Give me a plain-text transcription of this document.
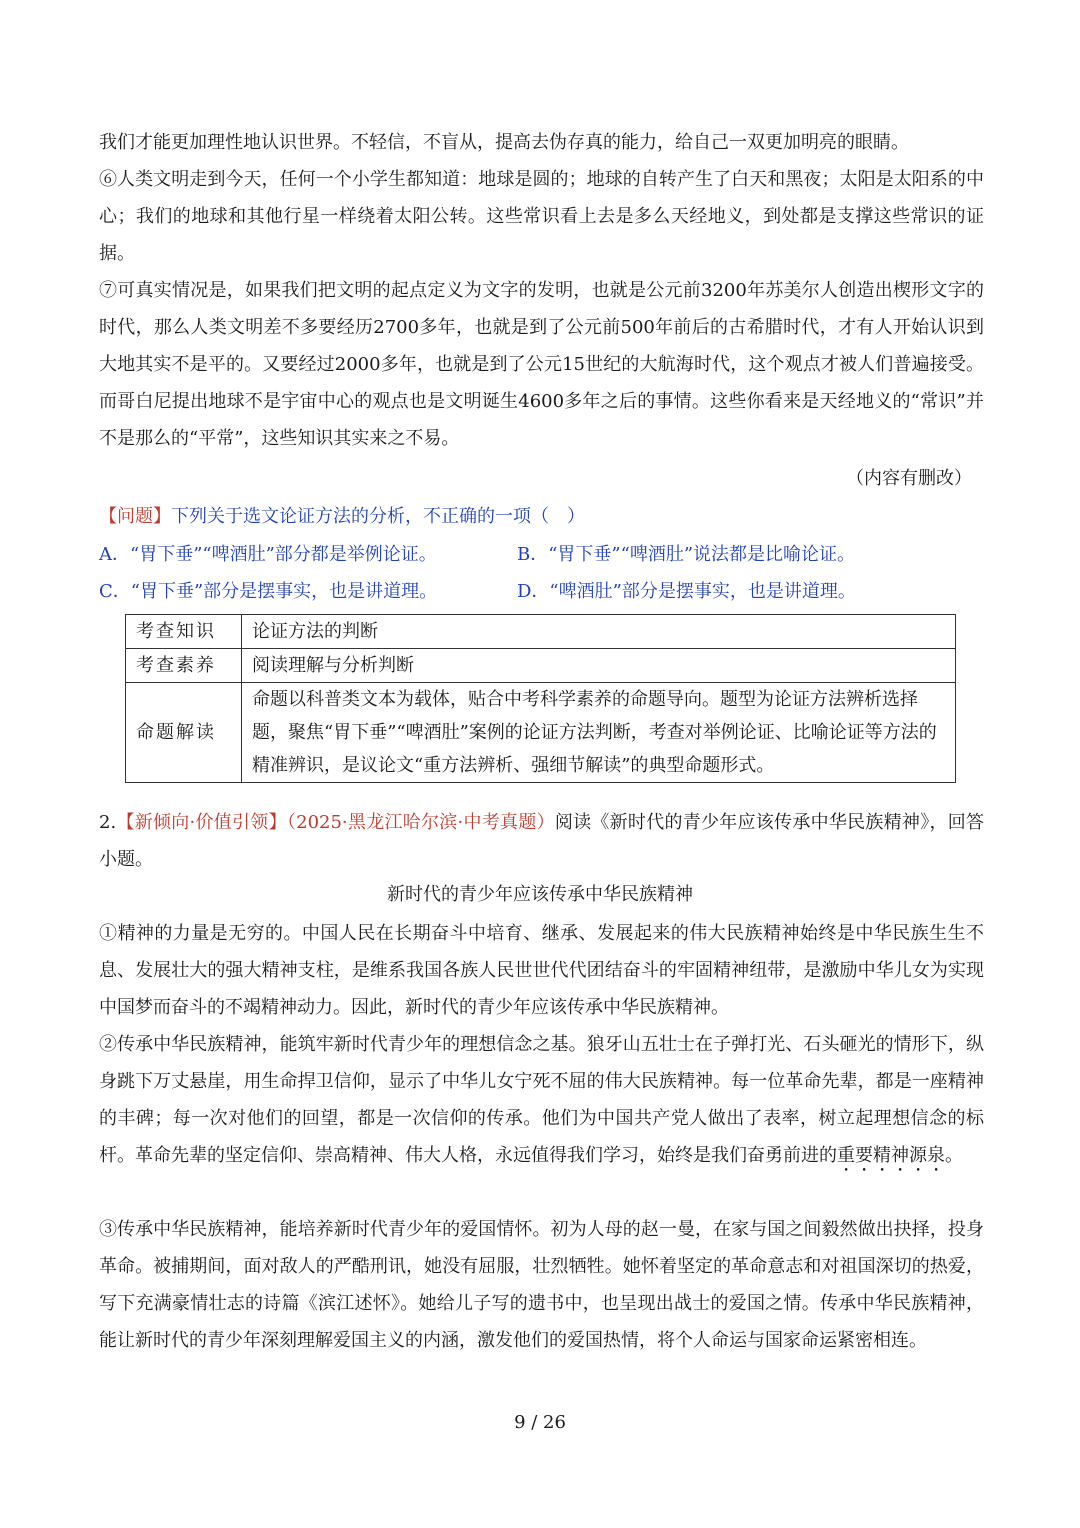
我们才能更加理性地认识世界。不轻信，不盲从，提高去伪存真的能力，给自己一双更加明亮的眼睛。

⑥人类文明走到今天，任何一个小学生都知道：地球是圆的；地球的自转产生了白天和黑夜；太阳是太阳系的中心；我们的地球和其他行星一样绕着太阳公转。这些常识看上去是多么天经地义，到处都是支撑这些常识的证据。

⑦可真实情况是，如果我们把文明的起点定义为文字的发明，也就是公元前3200年苏美尔人创造出楔形文字的时代，那么人类文明差不多要经历2700多年，也就是到了公元前500年前后的古希腊时代，才有人开始认识到大地其实不是平的。又要经过2000多年，也就是到了公元15世纪的大航海时代，这个观点才被人们普遍接受。而哥白尼提出地球不是宇宙中心的观点也是文明诞生4600多年之后的事情。这些你看来是天经地义的“常识”并不是那么的“平常”，这些知识其实来之不易。

（内容有删改）
【问题】下列关于选文论证方法的分析，不正确的一项（　）
A．“胃下垂”“啤酒肚”部分都是举例论证。	B．“胃下垂”“啤酒肚”说法都是比喻论证。
C．“胃下垂”部分是摆事实，也是讲道理。	D．“啤酒肚”部分是摆事实，也是讲道理。
考查知识	论证方法的判断
考查素养	阅读理解与分析判断
命题解读	命题以科普类文本为载体，贴合中考科学素养的命题导向。题型为论证方法辨析选择题，聚焦“胃下垂”“啤酒肚”案例的论证方法判断，考查对举例论证、比喻论证等方法的精准辨识，是议论文“重方法辨析、强细节解读”的典型命题形式。

2.【新倾向·价值引领】（2025·黑龙江哈尔滨·中考真题）阅读《新时代的青少年应该传承中华民族精神》，回答小题。

新时代的青少年应该传承中华民族精神

①精神的力量是无穷的。中国人民在长期奋斗中培育、继承、发展起来的伟大民族精神始终是中华民族生生不息、发展壮大的强大精神支柱，是维系我国各族人民世世代代团结奋斗的牢固精神纽带，是激励中华儿女为实现中国梦而奋斗的不竭精神动力。因此，新时代的青少年应该传承中华民族精神。

②传承中华民族精神，能筑牢新时代青少年的理想信念之基。狼牙山五壮士在子弹打光、石头砸光的情形下，纵身跳下万丈悬崖，用生命捍卫信仰，显示了中华儿女宁死不屈的伟大民族精神。每一位革命先辈，都是一座精神的丰碑；每一次对他们的回望，都是一次信仰的传承。他们为中国共产党人做出了表率，树立起理想信念的标杆。革命先辈的坚定信仰、崇高精神、伟大人格，永远值得我们学习，始终是我们奋勇前进的重要精神源泉。

③传承中华民族精神，能培养新时代青少年的爱国情怀。初为人母的赵一曼，在家与国之间毅然做出抉择，投身革命。被捕期间，面对敌人的严酷刑讯，她没有屈服，壮烈牺牲。她怀着坚定的革命意志和对祖国深切的热爱，写下充满豪情壮志的诗篇《滨江述怀》。她给儿子写的遗书中，也呈现出战士的爱国之情。传承中华民族精神，能让新时代的青少年深刻理解爱国主义的内涵，激发他们的爱国热情，将个人命运与国家命运紧密相连。

9 / 26
